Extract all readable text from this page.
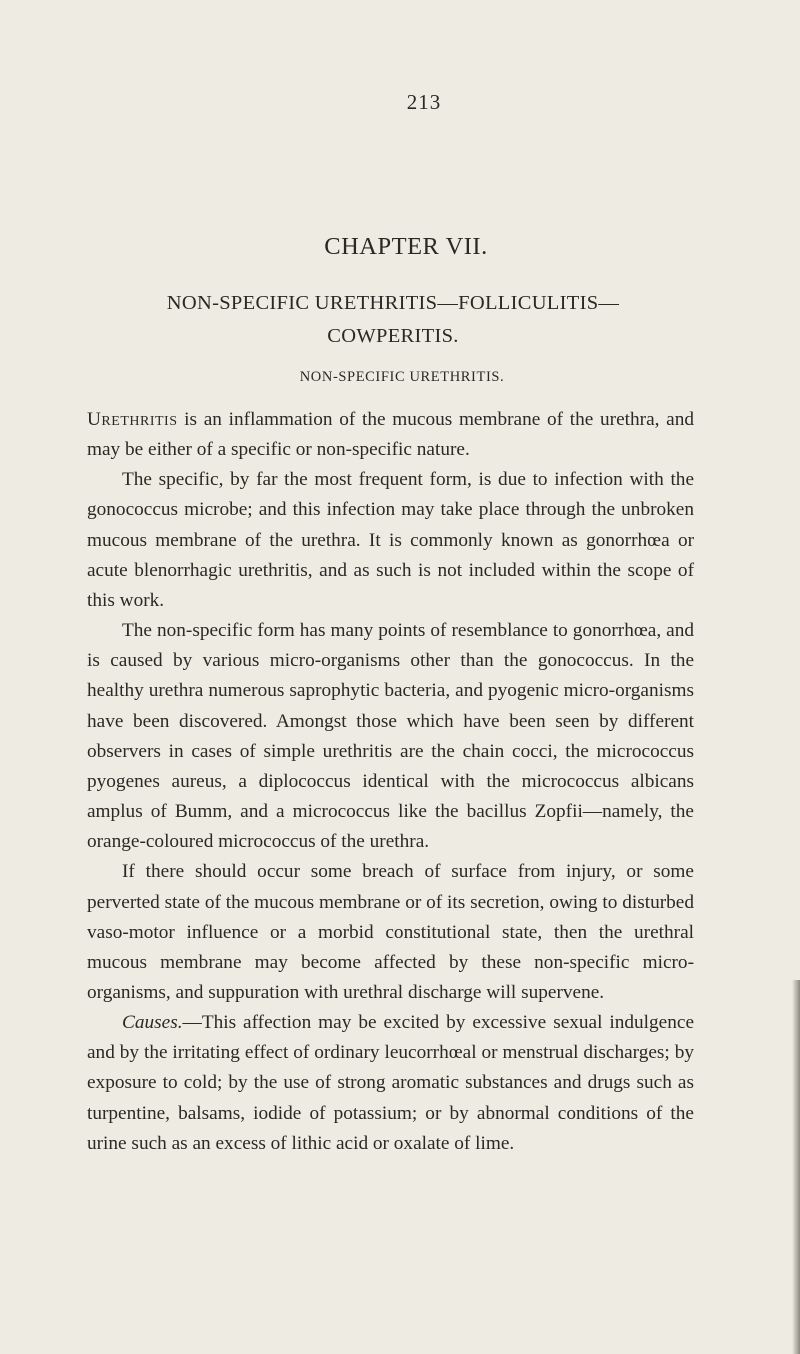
213
CHAPTER VII.
NON-SPECIFIC URETHRITIS—FOLLICULITIS—COWPERITIS.
NON-SPECIFIC URETHRITIS.

Urethritis is an inflammation of the mucous membrane of the urethra, and may be either of a specific or non-specific nature.

The specific, by far the most frequent form, is due to infection with the gonococcus microbe; and this infection may take place through the unbroken mucous membrane of the urethra. It is commonly known as gonorrhœa or acute blenorrhagic urethritis, and as such is not included within the scope of this work.

The non-specific form has many points of resemblance to gonorrhœa, and is caused by various micro-organisms other than the gonococcus. In the healthy urethra numerous saprophytic bacteria, and pyogenic micro-organisms have been discovered. Amongst those which have been seen by different observers in cases of simple urethritis are the chain cocci, the micrococcus pyogenes aureus, a diplococcus identical with the micrococcus albicans amplus of Bumm, and a micrococcus like the bacillus Zopfii—namely, the orange-coloured micrococcus of the urethra.

If there should occur some breach of surface from injury, or some perverted state of the mucous membrane or of its secretion, owing to disturbed vaso-motor influence or a morbid constitutional state, then the urethral mucous membrane may become affected by these non-specific micro-organisms, and suppuration with urethral discharge will supervene.

Causes.—This affection may be excited by excessive sexual indulgence and by the irritating effect of ordinary leucorrhœal or menstrual discharges; by exposure to cold; by the use of strong aromatic substances and drugs such as turpentine, balsams, iodide of potassium; or by abnormal conditions of the urine such as an excess of lithic acid or oxalate of lime.
